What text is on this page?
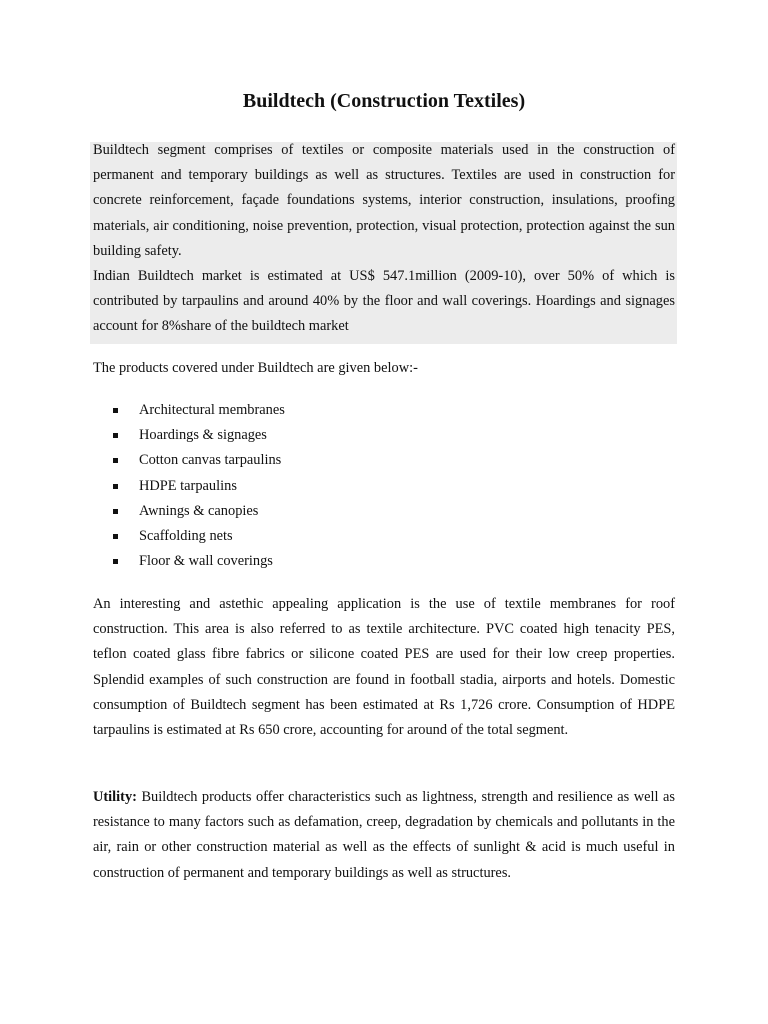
Buildtech (Construction Textiles)

Buildtech segment comprises of textiles or composite materials used in the construction of permanent and temporary buildings as well as structures. Textiles are used in construction for concrete reinforcement, façade foundations systems, interior construction, insulations, proofing materials, air conditioning, noise prevention, protection, visual protection, protection against the sun building safety.

Indian Buildtech market is estimated at US$ 547.1million (2009-10), over 50% of which is contributed by tarpaulins and around 40% by the floor and wall coverings. Hoardings and signages account for 8%share of the buildtech market

The products covered under Buildtech are given below:-

Architectural membranes
Hoardings & signages
Cotton canvas tarpaulins
HDPE tarpaulins
Awnings & canopies
Scaffolding nets
Floor & wall coverings

An interesting and astethic appealing application is the use of textile membranes for roof construction. This area is also referred to as textile architecture. PVC coated high tenacity PES, teflon coated glass fibre fabrics or silicone coated PES are used for their low creep properties. Splendid examples of such construction are found in football stadia, airports and hotels. Domestic consumption of Buildtech segment has been estimated at Rs 1,726 crore. Consumption of HDPE tarpaulins is estimated at Rs 650 crore, accounting for around of the total segment.

Utility: Buildtech products offer characteristics such as lightness, strength and resilience as well as resistance to many factors such as defamation, creep, degradation by chemicals and pollutants in the air, rain or other construction material as well as the effects of sunlight & acid is much useful in construction of permanent and temporary buildings as well as structures.
